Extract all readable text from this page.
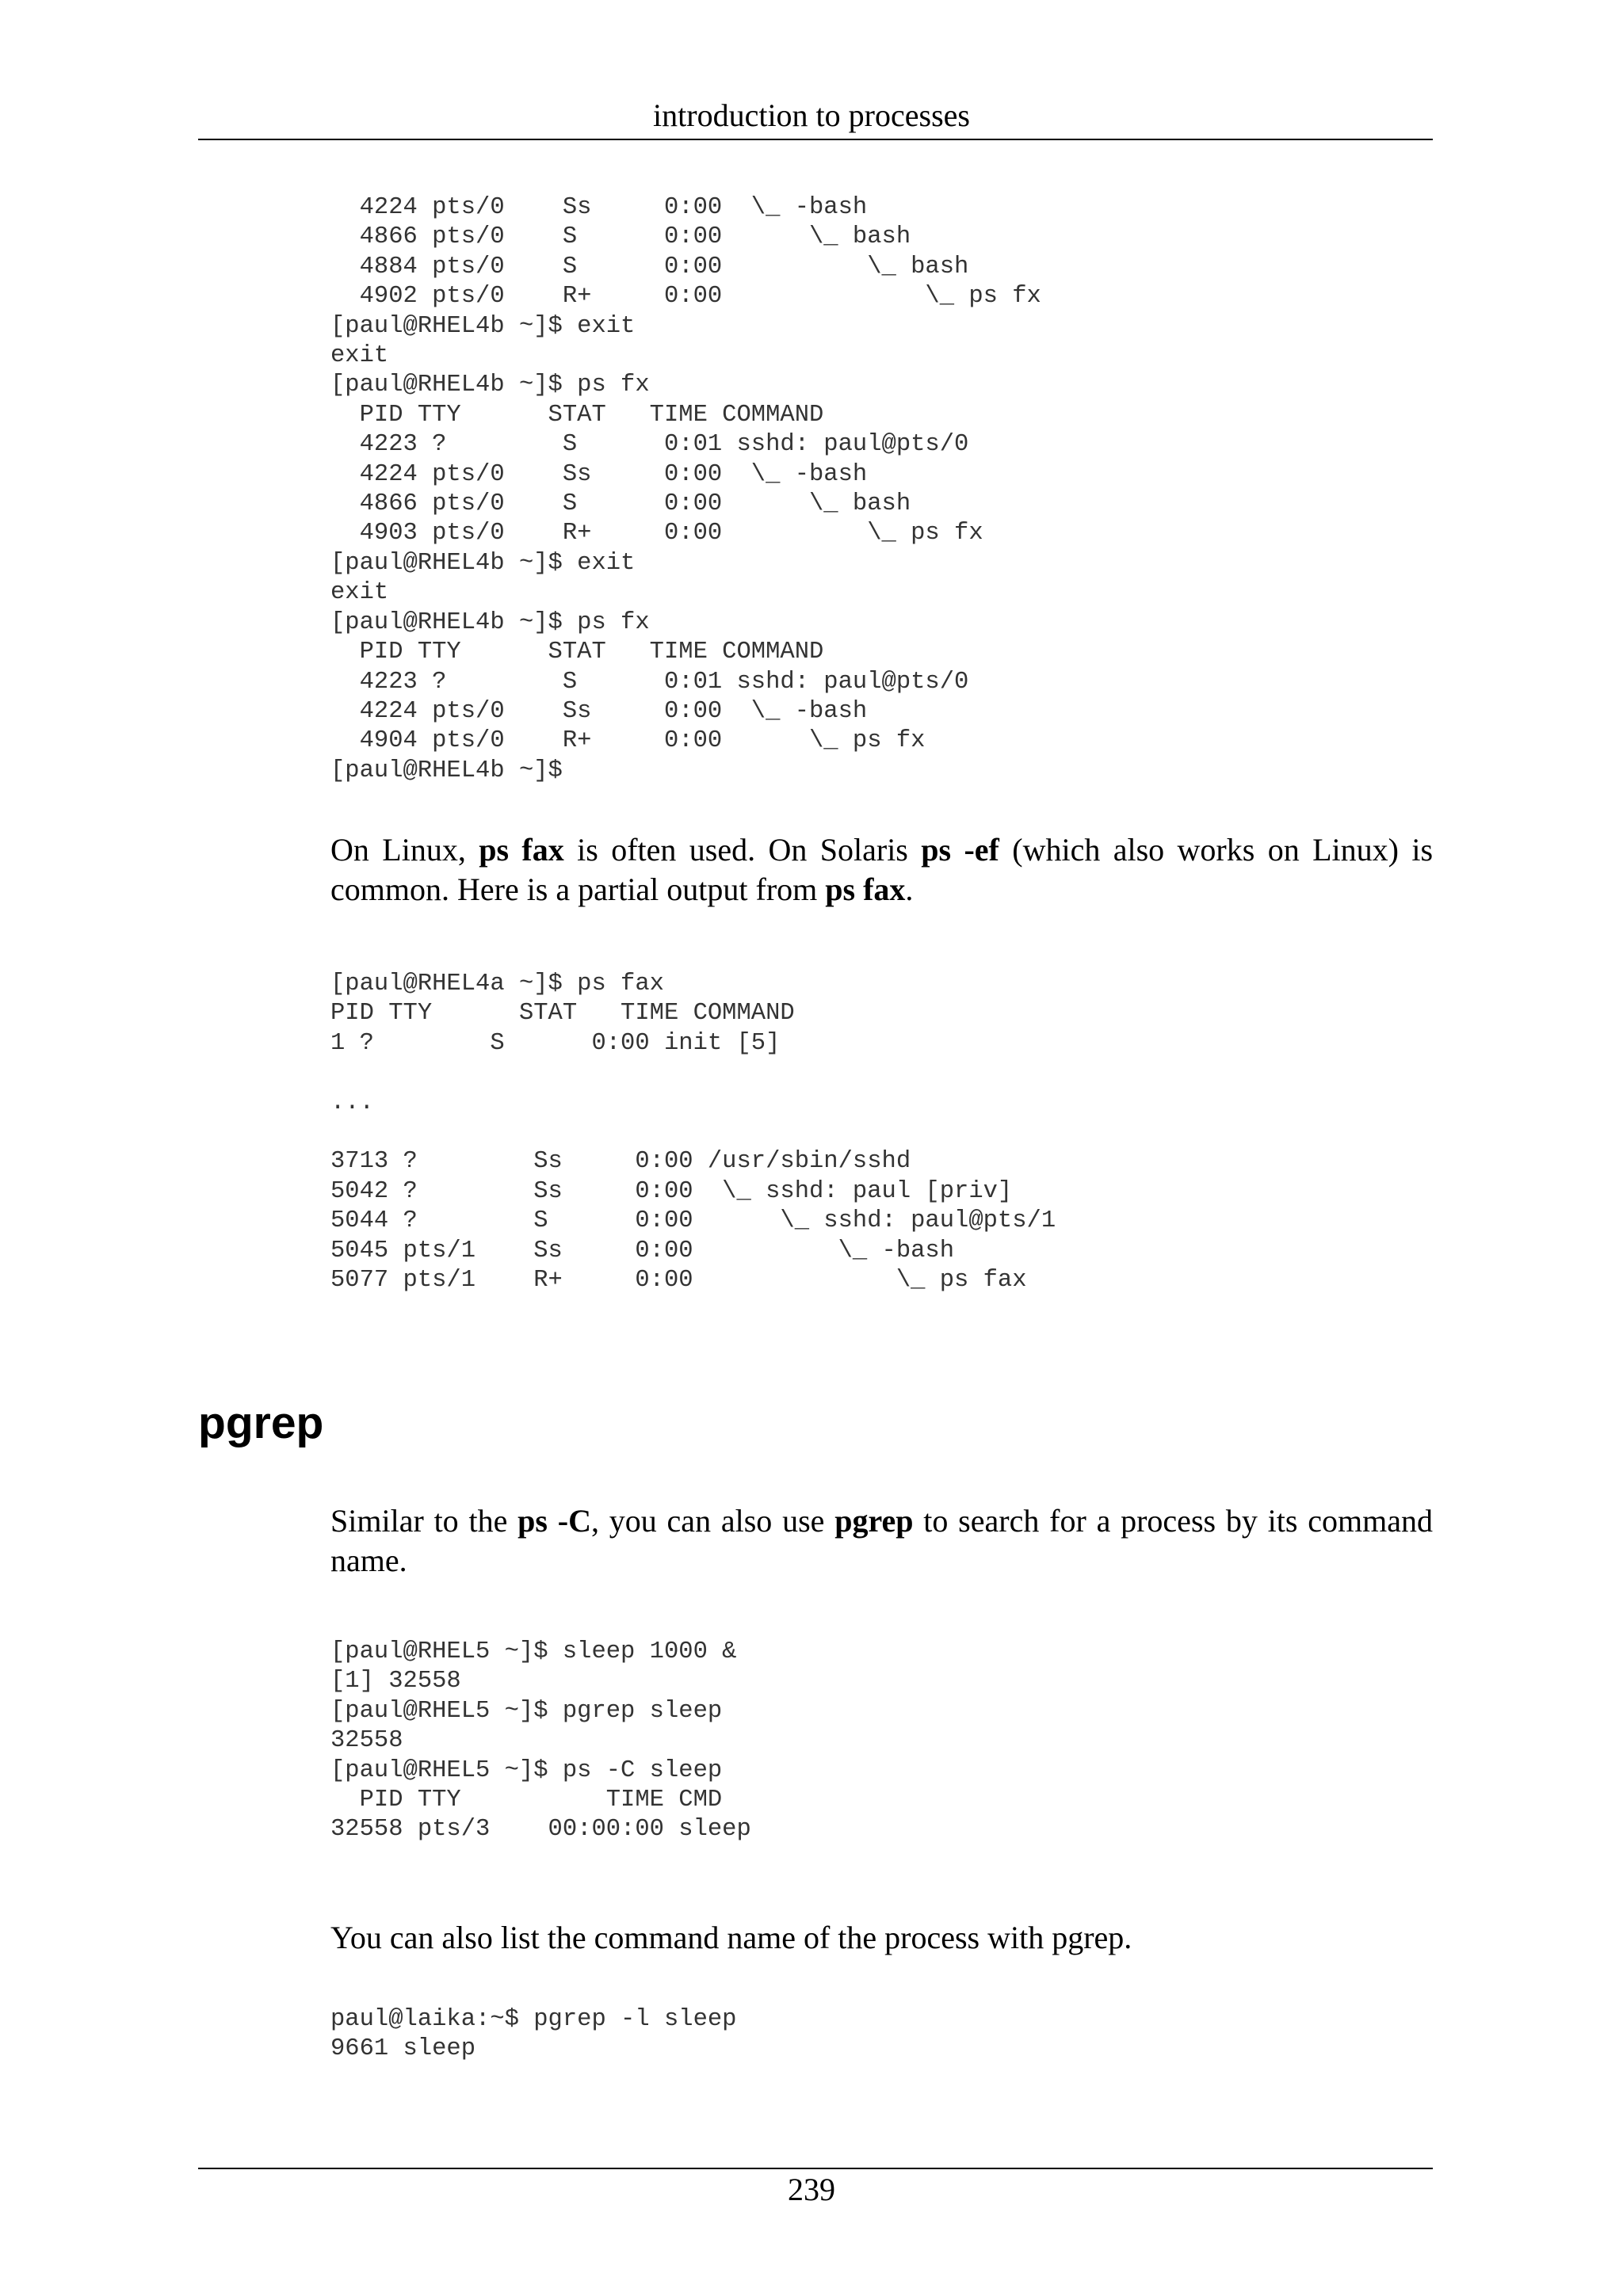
introduction to processes
4224 pts/0    Ss     0:00  \_ -bash
4866 pts/0    S      0:00      \_ bash
4884 pts/0    S      0:00          \_ bash
4902 pts/0    R+     0:00              \_ ps fx
[paul@RHEL4b ~]$ exit
exit
[paul@RHEL4b ~]$ ps fx
PID TTY      STAT   TIME COMMAND
4223 ?        S      0:01 sshd: paul@pts/0
4224 pts/0    Ss     0:00  \_ -bash
4866 pts/0    S      0:00      \_ bash
4903 pts/0    R+     0:00          \_ ps fx
[paul@RHEL4b ~]$ exit
exit
[paul@RHEL4b ~]$ ps fx
PID TTY      STAT   TIME COMMAND
4223 ?        S      0:01 sshd: paul@pts/0
4224 pts/0    Ss     0:00  \_ -bash
4904 pts/0    R+     0:00      \_ ps fx
[paul@RHEL4b ~]$

On Linux, ps fax is often used. On Solaris ps -ef (which also works on Linux) is common. Here is a partial output from ps fax.

[paul@RHEL4a ~]$ ps fax
PID TTY      STAT   TIME COMMAND
1 ?        S      0:00 init [5]

...

3713 ?        Ss     0:00 /usr/sbin/sshd
5042 ?        Ss     0:00  \_ sshd: paul [priv]
5044 ?        S      0:00      \_ sshd: paul@pts/1
5045 pts/1    Ss     0:00          \_ -bash
5077 pts/1    R+     0:00              \_ ps fax
pgrep

Similar to the ps -C, you can also use pgrep to search for a process by its command name.

[paul@RHEL5 ~]$ sleep 1000 &
[1] 32558
[paul@RHEL5 ~]$ pgrep sleep
32558
[paul@RHEL5 ~]$ ps -C sleep
PID TTY          TIME CMD
32558 pts/3    00:00:00 sleep

You can also list the command name of the process with pgrep.

paul@laika:~$ pgrep -l sleep
9661 sleep
239
